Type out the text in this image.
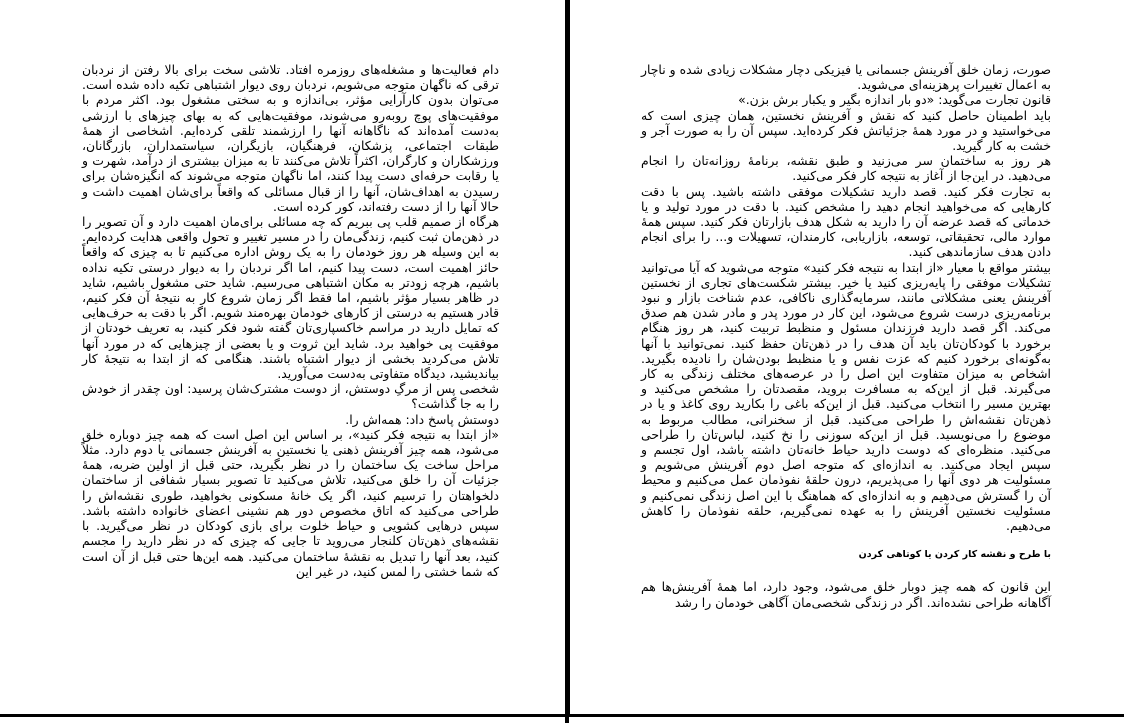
دام فعالیت‌ها و مشغله‌های روزمره افتاد. تلاشی سخت برای بالا رفتن از نردبان ترقی که ناگهان متوجه می‌شویم، نردبان روی دیوار اشتباهی تکیه داده شده است. می‌توان بدون کارآرایی مؤثر، بی‌اندازه و به سختی مشغول بود. اکثر مردم با موفقیت‌های پوچ روبه‌رو می‌شوند، موفقیت‌هایی که به بهای چیزهای با ارزشی به‌دست آمده‌اند که ناگاهانه آنها را ارزشمند تلقی کرده‌ایم. اشخاصی از همهٔ طبقات اجتماعی، پزشکان، فرهنگیان، بازیگران، سیاستمداران، بازرگانان، ورزشکاران و کارگران، اکثراً تلاش می‌کنند تا به میزان بیشتری از درآمد، شهرت و یا رقابت حرفه‌ای دست پیدا کنند، اما ناگهان متوجه می‌شوند که انگیزه‌شان برای رسیدن به اهداف‌شان، آنها را از قبال مسائلی که واقعاً برای‌شان اهمیت داشت و حالا آنها را از دست رفته‌اند، کور کرده است.

هرگاه از صمیم قلب پی ببریم که چه مسائلی برای‌مان اهمیت دارد و آن تصویر را در ذهن‌مان ثبت کنیم، زندگی‌مان را در مسیر تغییر و تحول واقعی هدایت کرده‌ایم. به این وسیله هر روز خودمان را به یک روش اداره می‌کنیم تا به چیزی که واقعاً حائز اهمیت است، دست پیدا کنیم، اما اگر نردبان را به دیوار درستی تکیه نداده باشیم، هرچه زودتر به مکان اشتباهی می‌رسیم. شاید حتی مشغول باشیم، شاید در ظاهر بسیار مؤثر باشیم، اما فقط اگر زمان شروع کار به نتیجهٔ آن فکر کنیم، قادر هستیم به درستی از کارهای خودمان بهره‌مند شویم. اگر با دقت به حرف‌هایی که تمایل دارید در مراسم خاکسپاری‌تان گفته شود فکر کنید، به تعریف خودتان از موفقیت پی خواهید برد. شاید این ثروت و یا بعضی از چیزهایی که در مورد آنها تلاش می‌کردید بخشی از دیوار اشتباه باشند. هنگامی که از ابتدا به نتیجهٔ کار بیاندیشید، دیدگاه متفاوتی به‌دست می‌آورید.

شخصی پس از مرگِ دوستش، از دوست مشترک‌شان پرسید: اون چقدر از خودش را به جا گذاشت؟

دوستش پاسخ داد: همه‌اش را.

«از ابتدا به نتیجه فکر کنید»، بر اساس این اصل است که همه چیز دوباره خلق می‌شود، همه چیز آفرینش ذهنی یا نخستین به آفرینش جسمانی یا دوم دارد. مثلاً مراحل ساخت یک ساختمان را در نظر بگیرید، حتی قبل از اولین ضربه، همهٔ جزئیات آن را خلق می‌کنید، تلاش می‌کنید تا تصویر بسیار شفافی از ساختمان دلخواهتان را ترسیم کنید، اگر یک خانهٔ مسکونی بخواهید، طوری نقشه‌اش را طراحی می‌کنید که اتاق مخصوص دور هم نشینی اعضای خانواده داشته باشد. سپس درهایی کشویی و حیاط خلوت برای بازی کودکان در نظر می‌گیرید. با نقشه‌های ذهن‌تان کلنجار می‌روید تا جایی که چیزی که در نظر دارید را مجسم کنید، بعد آنها را تبدیل به نقشهٔ ساختمان می‌کنید. همه این‌ها حتی قبل از آن است که شما خشتی را لمس کنید، در غیر این

صورت، زمان خلق آفرینش جسمانی یا فیزیکی دچار مشکلات زیادی شده و ناچار به اعمال تغییرات پرهزینه‌ای می‌شوید.

قانون تجارت می‌گوید: «دو بار اندازه بگیر و یکبار برش بزن.»

باید اطمینان حاصل کنید که نقش و آفرینش نخستین، همان چیزی است که می‌خواستید و در مورد همهٔ جزئیاتش فکر کرده‌اید. سپس آن را به صورت آجر و خشت به کار گیرید.

هر روز به ساختمان سر می‌زنید و طبق نقشه، برنامهٔ روزانه‌تان را انجام می‌دهید. در این‌جا از آغاز به نتیجه کار فکر می‌کنید.

به تجارت فکر کنید. قصد دارید تشکیلات موفقی داشته باشید. پس با دقت کارهایی که می‌خواهید انجام دهید را مشخص کنید. با دقت در مورد تولید و یا خدماتی که قصد عرضه آن را دارید به شکل هدف بازارتان فکر کنید. سپس همهٔ موارد مالی، تحقیقاتی، توسعه، بازاریابی، کارمندان، تسهیلات و... را برای انجام دادن هدف سازماندهی کنید.

بیشتر مواقع با معیار «از ابتدا به نتیجه فکر کنید» متوجه می‌شوید که آیا می‌توانید تشکیلات موفقی را پایه‌ریزی کنید یا خیر. بیشتر شکست‌های تجاری از نخستین آفرینش یعنی مشکلاتی مانند، سرمایه‌گذاری ناکافی، عدم شناخت بازار و نبود برنامه‌ریزی درست شروع می‌شود، این کار در مورد پدر و مادر شدن هم صدق می‌کند. اگر قصد دارید فرزندان مسئول و منظبط تربیت کنید، هر روز هنگام برخورد با کودکان‌تان باید آن هدف را در ذهن‌تان حفظ کنید. نمی‌توانید با آنها به‌گونه‌ای برخورد کنیم که عزت نفس و یا منظبط بودن‌شان را نادیده بگیرید. اشخاص به میزان متفاوت این اصل را در عرصه‌های مختلف زندگی به کار می‌گیرند. قبل از این‌که به مسافرت بروید، مقصدتان را مشخص می‌کنید و بهترین مسیر را انتخاب می‌کنید. قبل از این‌که باغی را بکارید روی کاغذ و یا در ذهن‌تان نقشه‌اش را طراحی می‌کنید. قبل از سخنرانی، مطالب مربوط به موضوع را می‌نویسید. قبل از این‌که سوزنی را نخ کنید، لباس‌تان را طراحی می‌کنید. منظره‌ای که دوست دارید حیاط خانه‌تان داشته باشد، اول تجسم و سپس ایجاد می‌کنید. به اندازه‌ای که متوجه اصل دوم آفرینش می‌شویم و مسئولیت هر دوی آنها را می‌پذیریم، درون حلقهٔ نفوذمان عمل می‌کنیم و محیط آن را گسترش می‌دهیم و به اندازه‌ای که هماهنگ با این اصل زندگی نمی‌کنیم و مسئولیت نخستین آفرینش را به عهده نمی‌گیریم، حلقه نفوذمان را کاهش می‌دهیم.

با طرح و نقشه کار کردن یا کوتاهی کردن

این قانون که همه چیز دوبار خلق می‌شود، وجود دارد، اما همهٔ آفرینش‌ها هم آگاهانه طراحی نشده‌اند. اگر در زندگی شخصی‌مان آگاهی خودمان را رشد
